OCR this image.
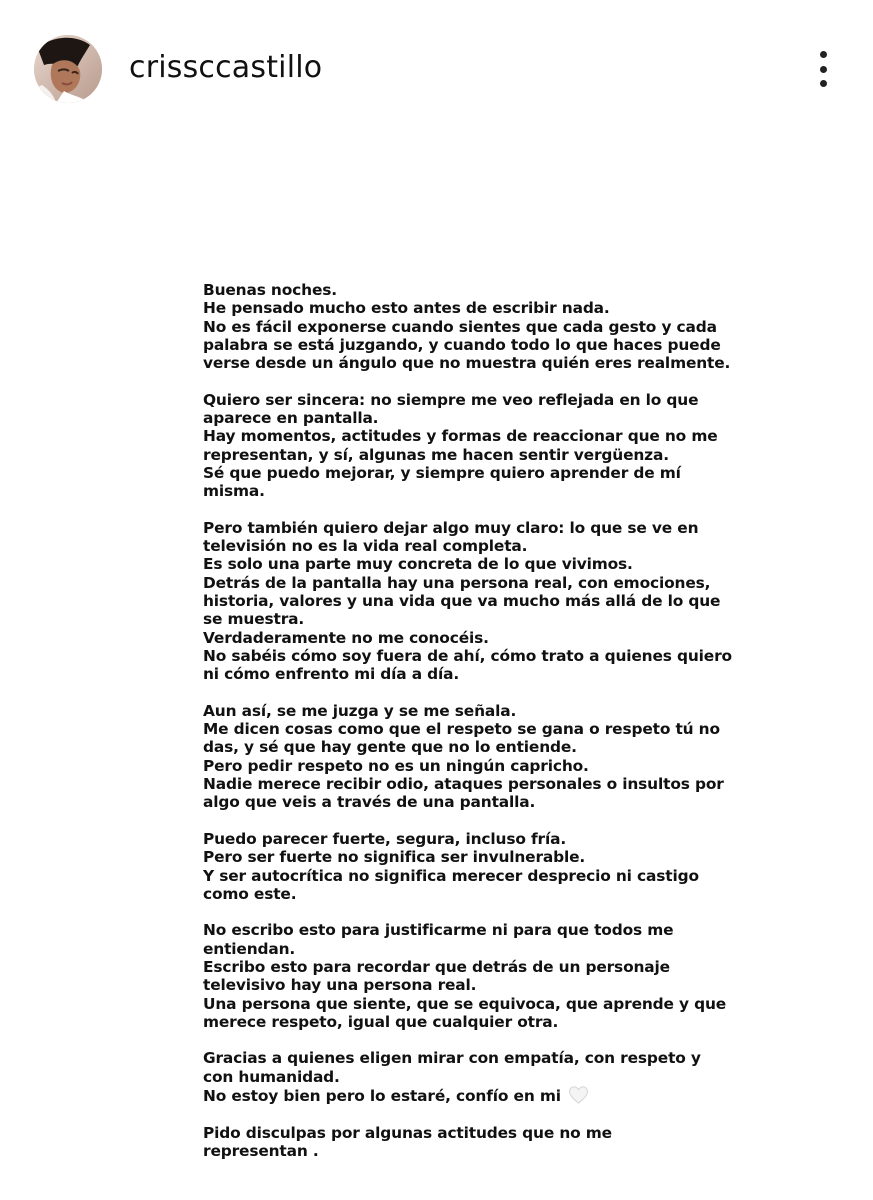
crissccastillo
Buenas noches.
He pensado mucho esto antes de escribir nada.
No es fácil exponerse cuando sientes que cada gesto y cada
palabra se está juzgando, y cuando todo lo que haces puede
verse desde un ángulo que no muestra quién eres realmente.
Quiero ser sincera: no siempre me veo reflejada en lo que
aparece en pantalla.
Hay momentos, actitudes y formas de reaccionar que no me
representan, y sí, algunas me hacen sentir vergüenza.
Sé que puedo mejorar, y siempre quiero aprender de mí
misma.
Pero también quiero dejar algo muy claro: lo que se ve en
televisión no es la vida real completa.
Es solo una parte muy concreta de lo que vivimos.
Detrás de la pantalla hay una persona real, con emociones,
historia, valores y una vida que va mucho más allá de lo que
se muestra.
Verdaderamente no me conocéis.
No sabéis cómo soy fuera de ahí, cómo trato a quienes quiero
ni cómo enfrento mi día a día.
Aun así, se me juzga y se me señala.
Me dicen cosas como que el respeto se gana o respeto tú no
das, y sé que hay gente que no lo entiende.
Pero pedir respeto no es un ningún capricho.
Nadie merece recibir odio, ataques personales o insultos por
algo que veis a través de una pantalla.
Puedo parecer fuerte, segura, incluso fría.
Pero ser fuerte no significa ser invulnerable.
Y ser autocrítica no significa merecer desprecio ni castigo
como este.
No escribo esto para justificarme ni para que todos me
entiendan.
Escribo esto para recordar que detrás de un personaje
televisivo hay una persona real.
Una persona que siente, que se equivoca, que aprende y que
merece respeto, igual que cualquier otra.
Gracias a quienes eligen mirar con empatía, con respeto y
con humanidad.
No estoy bien pero lo estaré, confío en mi
Pido disculpas por algunas actitudes que no me
representan .
